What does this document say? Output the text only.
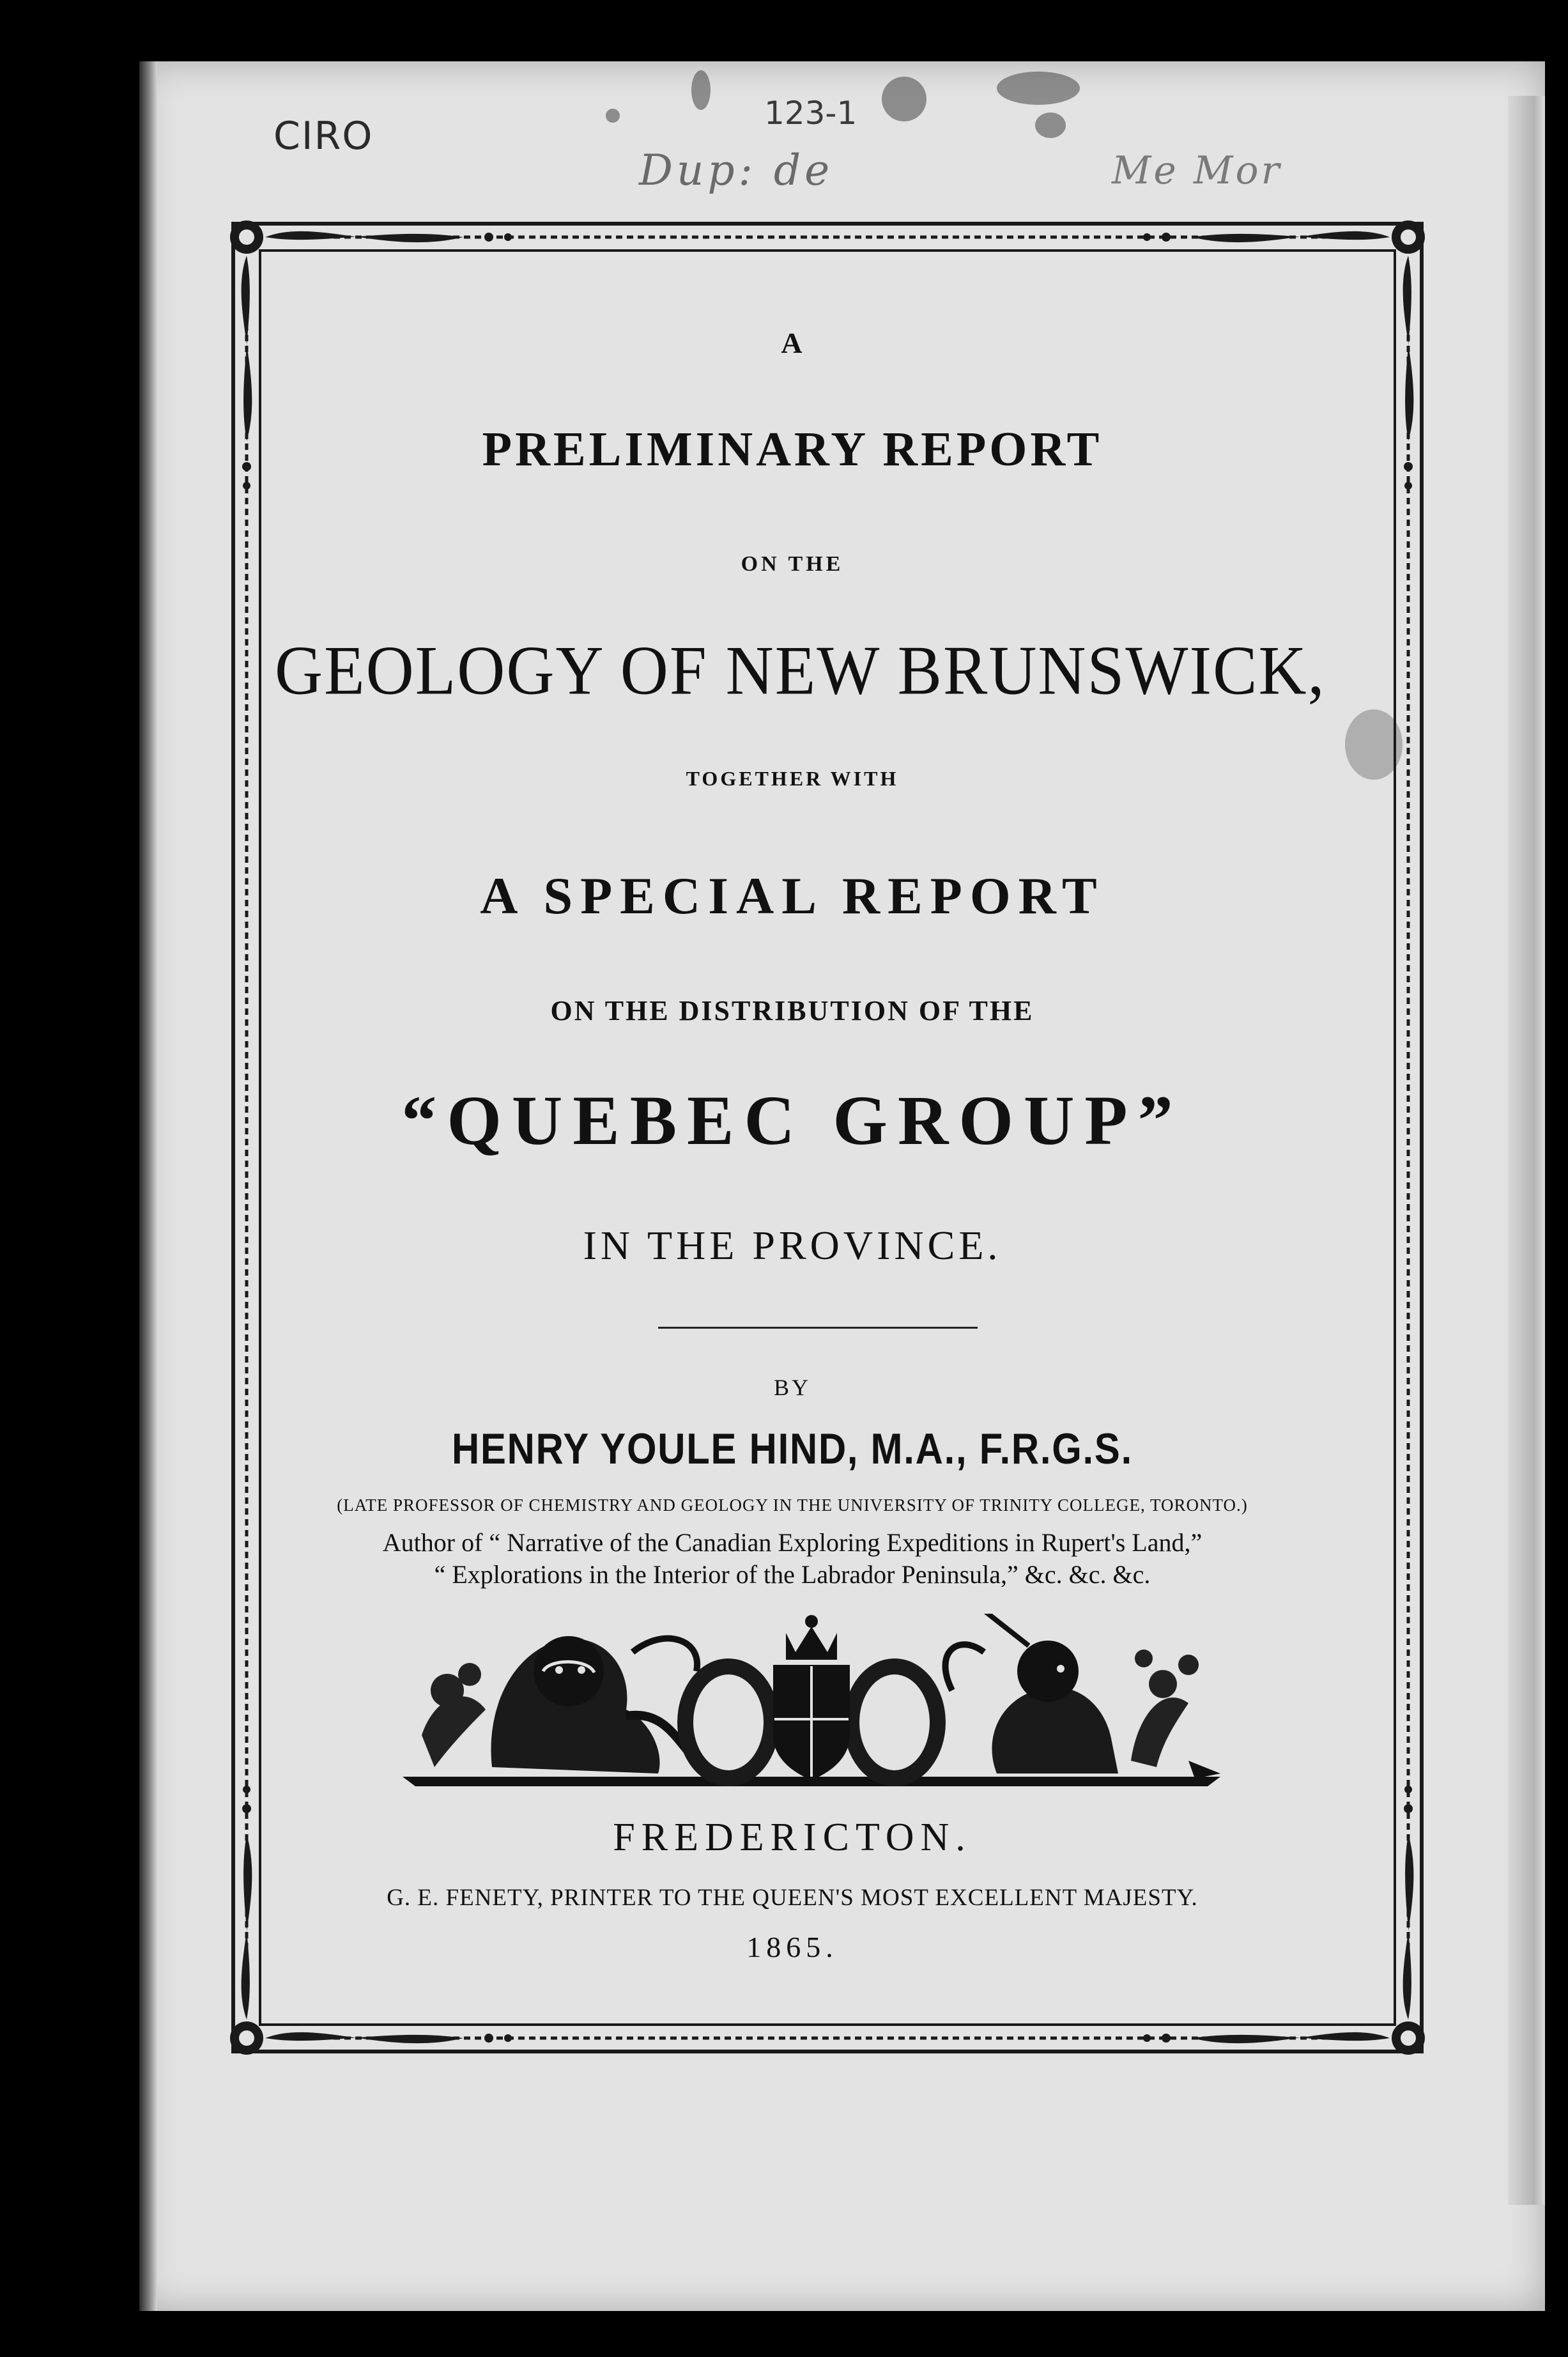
CIRO
123-1
Dup: de	Me Mor
A
PRELIMINARY REPORT
ON THE
GEOLOGY OF NEW BRUNSWICK,
TOGETHER WITH
A SPECIAL REPORT
ON THE DISTRIBUTION OF THE
“QUEBEC GROUP”
IN THE PROVINCE.
BY
HENRY YOULE HIND, M.A., F.R.G.S.
(LATE PROFESSOR OF CHEMISTRY AND GEOLOGY IN THE UNIVERSITY OF TRINITY COLLEGE, TORONTO.)
Author of “ Narrative of the Canadian Exploring Expeditions in Rupert's Land,”
“ Explorations in the Interior of the Labrador Peninsula,” &c. &c. &c.
FREDERICTON.
G. E. FENETY, PRINTER TO THE QUEEN'S MOST EXCELLENT MAJESTY.
1865.
